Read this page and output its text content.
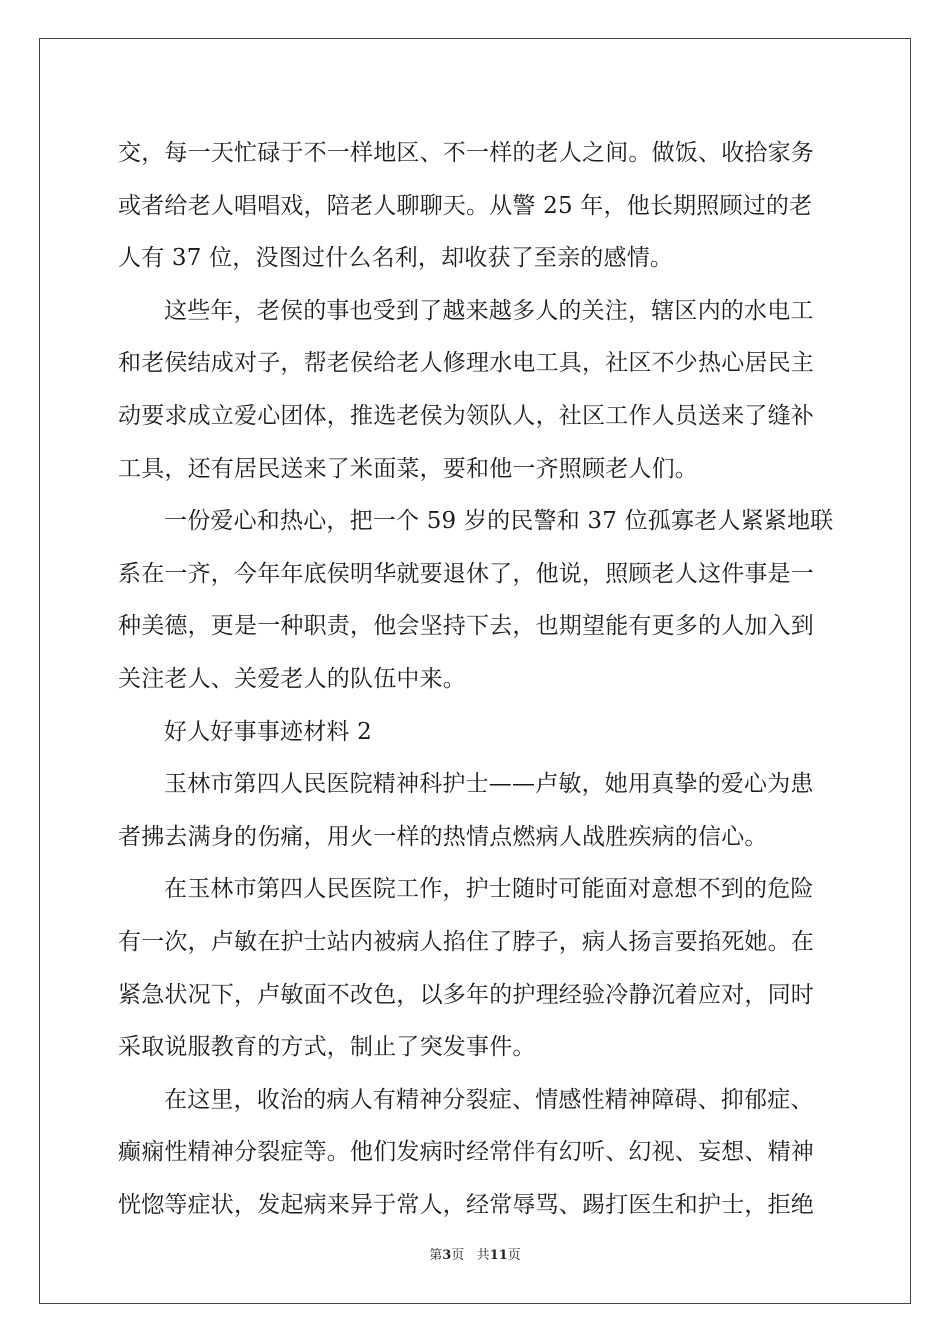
交，每一天忙碌于不一样地区、不一样的老人之间。做饭、收拾家务
或者给老人唱唱戏，陪老人聊聊天。从警 25 年，他长期照顾过的老
人有 37 位，没图过什么名利，却收获了至亲的感情。
这些年，老侯的事也受到了越来越多人的关注，辖区内的水电工
和老侯结成对子，帮老侯给老人修理水电工具，社区不少热心居民主
动要求成立爱心团体，推选老侯为领队人，社区工作人员送来了缝补
工具，还有居民送来了米面菜，要和他一齐照顾老人们。
一份爱心和热心，把一个 59 岁的民警和 37 位孤寡老人紧紧地联
系在一齐，今年年底侯明华就要退休了，他说，照顾老人这件事是一
种美德，更是一种职责，他会坚持下去，也期望能有更多的人加入到
关注老人、关爱老人的队伍中来。
好人好事事迹材料 2
玉林市第四人民医院精神科护士——卢敏，她用真挚的爱心为患
者拂去满身的伤痛，用火一样的热情点燃病人战胜疾病的信心。
在玉林市第四人民医院工作，护士随时可能面对意想不到的危险
有一次，卢敏在护士站内被病人掐住了脖子，病人扬言要掐死她。在
紧急状况下，卢敏面不改色，以多年的护理经验冷静沉着应对，同时
采取说服教育的方式，制止了突发事件。
在这里，收治的病人有精神分裂症、情感性精神障碍、抑郁症、
癫痫性精神分裂症等。他们发病时经常伴有幻听、幻视、妄想、精神
恍惚等症状，发起病来异于常人，经常辱骂、踢打医生和护士，拒绝
第3页 共11页
